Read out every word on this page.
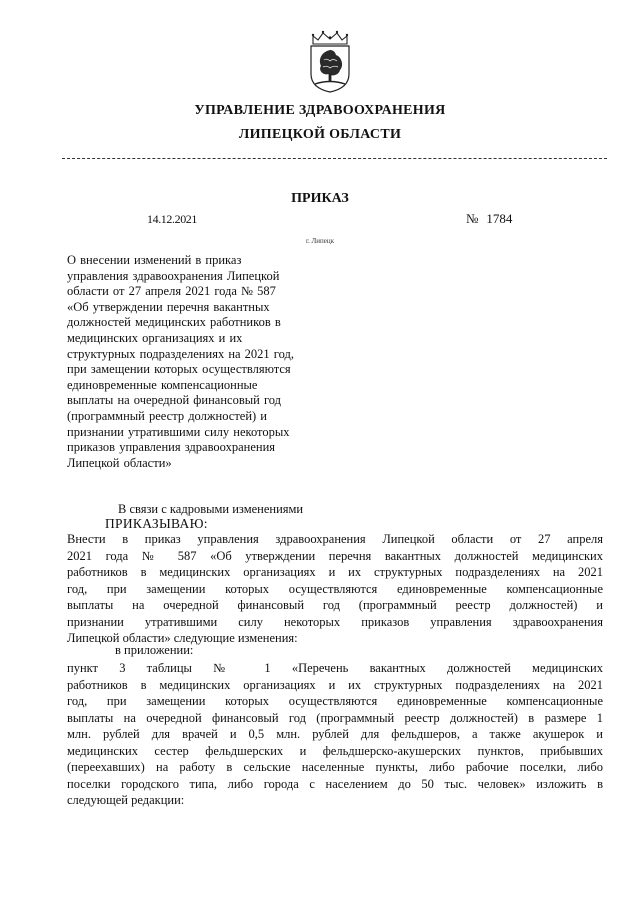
УПРАВЛЕНИЕ ЗДРАВООХРАНЕНИЯ
ЛИПЕЦКОЙ ОБЛАСТИ
ПРИКАЗ
14.12.2021	№ 1784
г. Липецк
О внесении изменений в приказ
управления здравоохранения Липецкой
области от 27 апреля 2021 года № 587
«Об утверждении перечня вакантных
должностей медицинских работников в
медицинских организациях и их
структурных подразделениях на 2021 год,
при замещении которых осуществляются
единовременные компенсационные
выплаты на очередной финансовый год
(программный реестр должностей) и
признании утратившими силу некоторых
приказов управления здравоохранения
Липецкой области»
В связи с кадровыми изменениями
ПРИКАЗЫВАЮ:
Внести в приказ управления здравоохранения Липецкой области от 27 апреля
2021 года № 587 «Об утверждении перечня вакантных должностей медицинских
работников в медицинских организациях и их структурных подразделениях на 2021
год, при замещении которых осуществляются единовременные компенсационные
выплаты на очередной финансовый год (программный реестр должностей) и
признании утратившими силу некоторых приказов управления здравоохранения
Липецкой области» следующие изменения:
в приложении:
пункт 3 таблицы № 1 «Перечень вакантных должностей медицинских
работников в медицинских организациях и их структурных подразделениях на 2021
год, при замещении которых осуществляются единовременные компенсационные
выплаты на очередной финансовый год (программный реестр должностей) в размере 1
млн. рублей для врачей и 0,5 млн. рублей для фельдшеров, а также акушерок и
медицинских сестер фельдшерских и фельдшерско-акушерских пунктов, прибывших
(переехавших) на работу в сельские населенные пункты, либо рабочие поселки, либо
поселки городского типа, либо города с населением до 50 тыс. человек» изложить в
следующей редакции:
